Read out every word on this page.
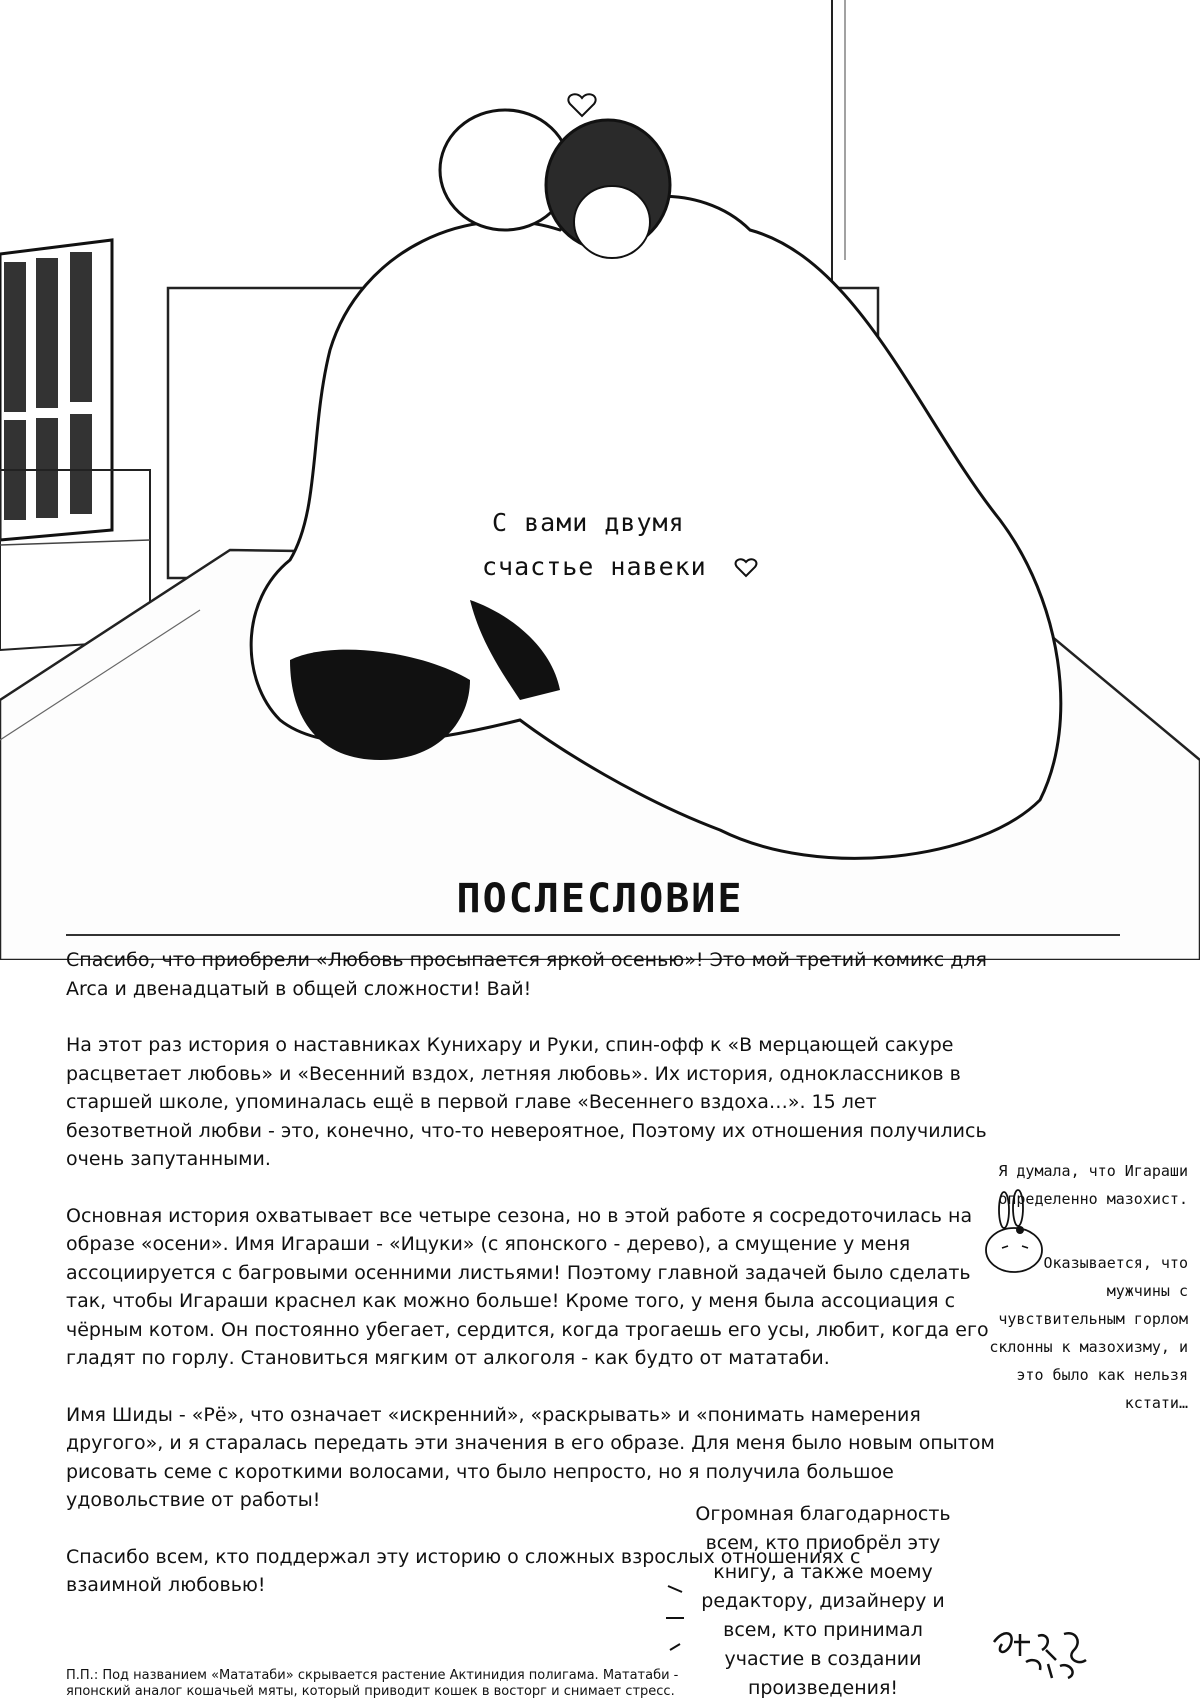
С вами двумя
счастье навеки
ПОСЛЕСЛОВИЕ

Спасибо, что приобрели «Любовь просыпается яркой осенью»! Это мой третий комикс для Arca и двенадцатый в общей сложности! Вай!

На этот раз история о наставниках Кунихару и Руки, спин-офф к «В мерцающей сакуре расцветает любовь» и «Весенний вздох, летняя любовь». Их история, одноклассников в старшей школе, упоминалась ещё в первой главе «Весеннего вздоха…». 15 лет безответной любви - это, конечно, что-то невероятное, Поэтому их отношения получились очень запутанными.

Основная история охватывает все четыре сезона, но в этой работе я сосредоточилась на образе «осени». Имя Игараши - «Ицуки» (с японского - дерево), а смущение у меня ассоциируется с багровыми осенними листьями! Поэтому главной задачей было сделать так, чтобы Игараши краснел как можно больше! Кроме того, у меня была ассоциация с чёрным котом. Он постоянно убегает, сердится, когда трогаешь его усы, любит, когда его гладят по горлу. Становиться мягким от алкоголя - как будто от мататаби.

Имя Шиды - «Рё», что означает «искренний», «раскрывать» и «понимать намерения другого», и я старалась передать эти значения в его образе. Для меня было новым опытом рисовать семе с короткими волосами, что было непросто, но я получила большое удовольствие от работы!

Спасибо всем, кто поддержал эту историю о сложных взрослых отношениях с взаимной любовью!

Я думала, что Игараши определенно мазохист.
Оказывается, что мужчины с чувствительным горлом склонны к мазохизму, и это было как нельзя кстати…
Огромная благодарность всем, кто приобрёл эту книгу, а также моему редактору, дизайнеру и всем, кто принимал участие в создании произведения!
П.П.: Под названием «Мататаби» скрывается растение Актинидия полигама. Мататаби - японский аналог кошачьей мяты, который приводит кошек в восторг и снимает стресс.
